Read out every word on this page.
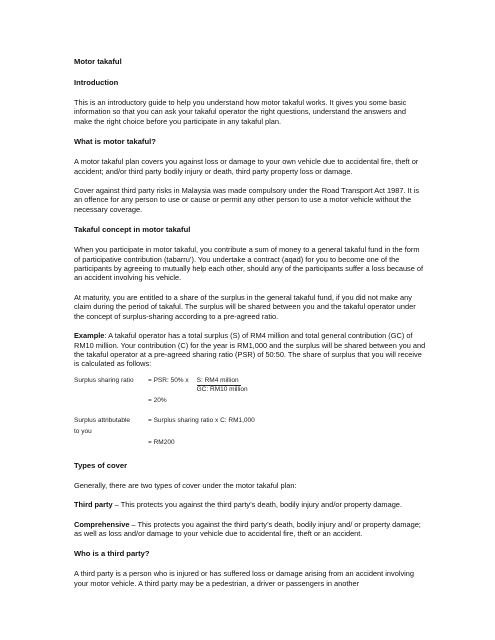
Motor takaful
Introduction

This is an introductory guide to help you understand how motor takaful works. It gives you some basic information so that you can ask your takaful operator the right questions, understand the answers and make the right choice before you participate in any takaful plan.

What is motor takaful?

A motor takaful plan covers you against loss or damage to your own vehicle due to accidental fire, theft or accident; and/or third party bodily injury or death, third party property loss or damage.

Cover against third party risks in Malaysia was made compulsory under the Road Transport Act 1987. It is an offence for any person to use or cause or permit any other person to use a motor vehicle without the necessary coverage.

Takaful concept in motor takaful

When you participate in motor takaful, you contribute a sum of money to a general takaful fund in the form of participative contribution (tabarru’). You undertake a contract (aqad) for you to become one of the participants by agreeing to mutually help each other, should any of the participants suffer a loss because of an accident involving his vehicle.

At maturity, you are entitled to a share of the surplus in the general takaful fund, if you did not make any claim during the period of takaful. The surplus will be shared between you and the takaful operator under the concept of surplus-sharing according to a pre-agreed ratio.

Example: A takaful operator has a total surplus (S) of RM4 million and total general contribution (GC) of RM10 million. Your contribution (C) for the year is RM1,000 and the surplus will be shared between you and the takaful operator at a pre-agreed sharing ratio (PSR) of 50:50. The share of surplus that you will receive is calculated as follows:

Surplus sharing ratio	= PSR: 50% x $\frac{\text{S: RM4 million}}{\text{GC: RM10 million}}$
= 20%
Surplus attributable	= Surplus sharing ratio x C: RM1,000
to you
= RM200
Types of cover

Generally, there are two types of cover under the motor takaful plan:

Third party – This protects you against the third party’s death, bodily injury and/or property damage.

Comprehensive – This protects you against the third party’s death, bodily injury and/ or property damage; as well as loss and/or damage to your vehicle due to accidental fire, theft or an accident.

Who is a third party?

A third party is a person who is injured or has suffered loss or damage arising from an accident involving your motor vehicle. A third party may be a pedestrian, a driver or passengers in another
